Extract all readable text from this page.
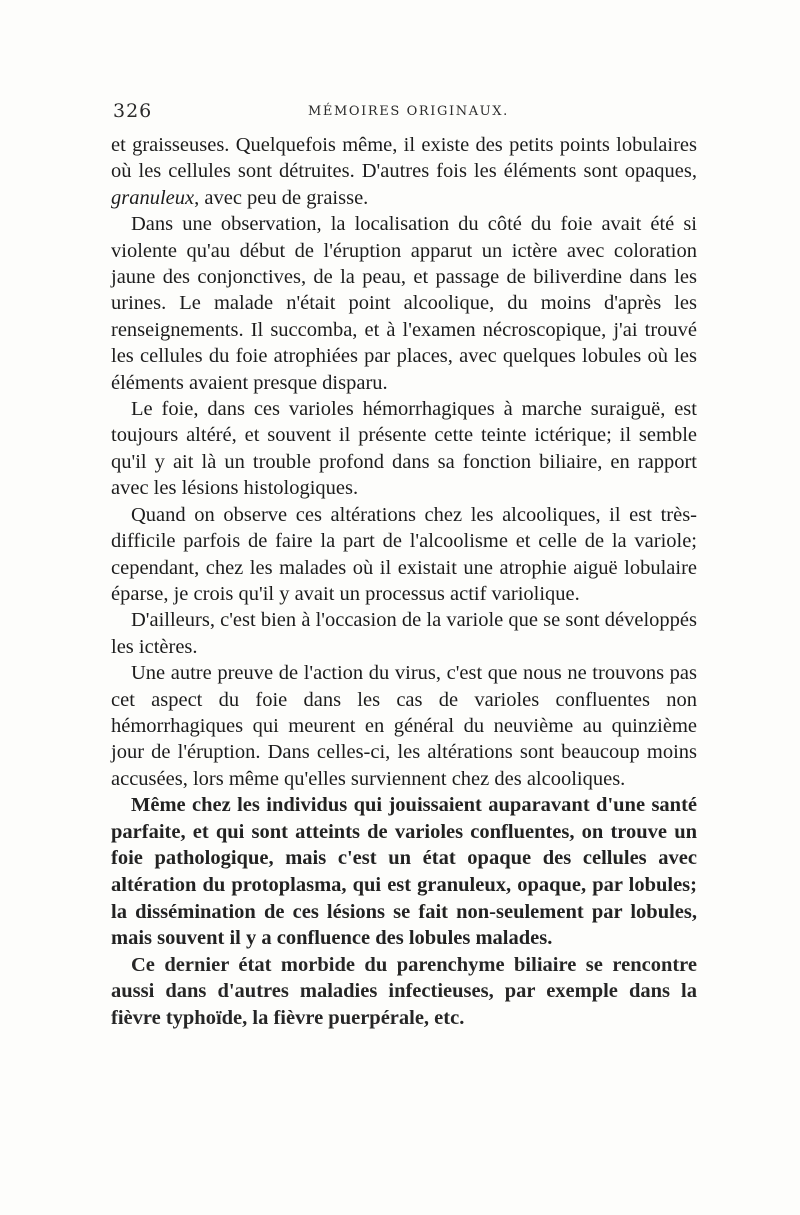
326	MÉMOIRES ORIGINAUX.

et graisseuses. Quelquefois même, il existe des petits points lobulaires où les cellules sont détruites. D'autres fois les éléments sont opaques, granuleux, avec peu de graisse.

Dans une observation, la localisation du côté du foie avait été si violente qu'au début de l'éruption apparut un ictère avec coloration jaune des conjonctives, de la peau, et passage de biliverdine dans les urines. Le malade n'était point alcoolique, du moins d'après les renseignements. Il succomba, et à l'examen nécroscopique, j'ai trouvé les cellules du foie atrophiées par places, avec quelques lobules où les éléments avaient presque disparu.

Le foie, dans ces varioles hémorrhagiques à marche suraiguë, est toujours altéré, et souvent il présente cette teinte ictérique; il semble qu'il y ait là un trouble profond dans sa fonction biliaire, en rapport avec les lésions histologiques.

Quand on observe ces altérations chez les alcooliques, il est très-difficile parfois de faire la part de l'alcoolisme et celle de la variole; cependant, chez les malades où il existait une atrophie aiguë lobulaire éparse, je crois qu'il y avait un processus actif variolique.

D'ailleurs, c'est bien à l'occasion de la variole que se sont développés les ictères.

Une autre preuve de l'action du virus, c'est que nous ne trouvons pas cet aspect du foie dans les cas de varioles confluentes non hémorrhagiques qui meurent en général du neuvième au quinzième jour de l'éruption. Dans celles-ci, les altérations sont beaucoup moins accusées, lors même qu'elles surviennent chez des alcooliques.

Même chez les individus qui jouissaient auparavant d'une santé parfaite, et qui sont atteints de varioles confluentes, on trouve un foie pathologique, mais c'est un état opaque des cellules avec altération du protoplasma, qui est granuleux, opaque, par lobules; la dissémination de ces lésions se fait non-seulement par lobules, mais souvent il y a confluence des lobules malades.

Ce dernier état morbide du parenchyme biliaire se rencontre aussi dans d'autres maladies infectieuses, par exemple dans la fièvre typhoïde, la fièvre puerpérale, etc.
